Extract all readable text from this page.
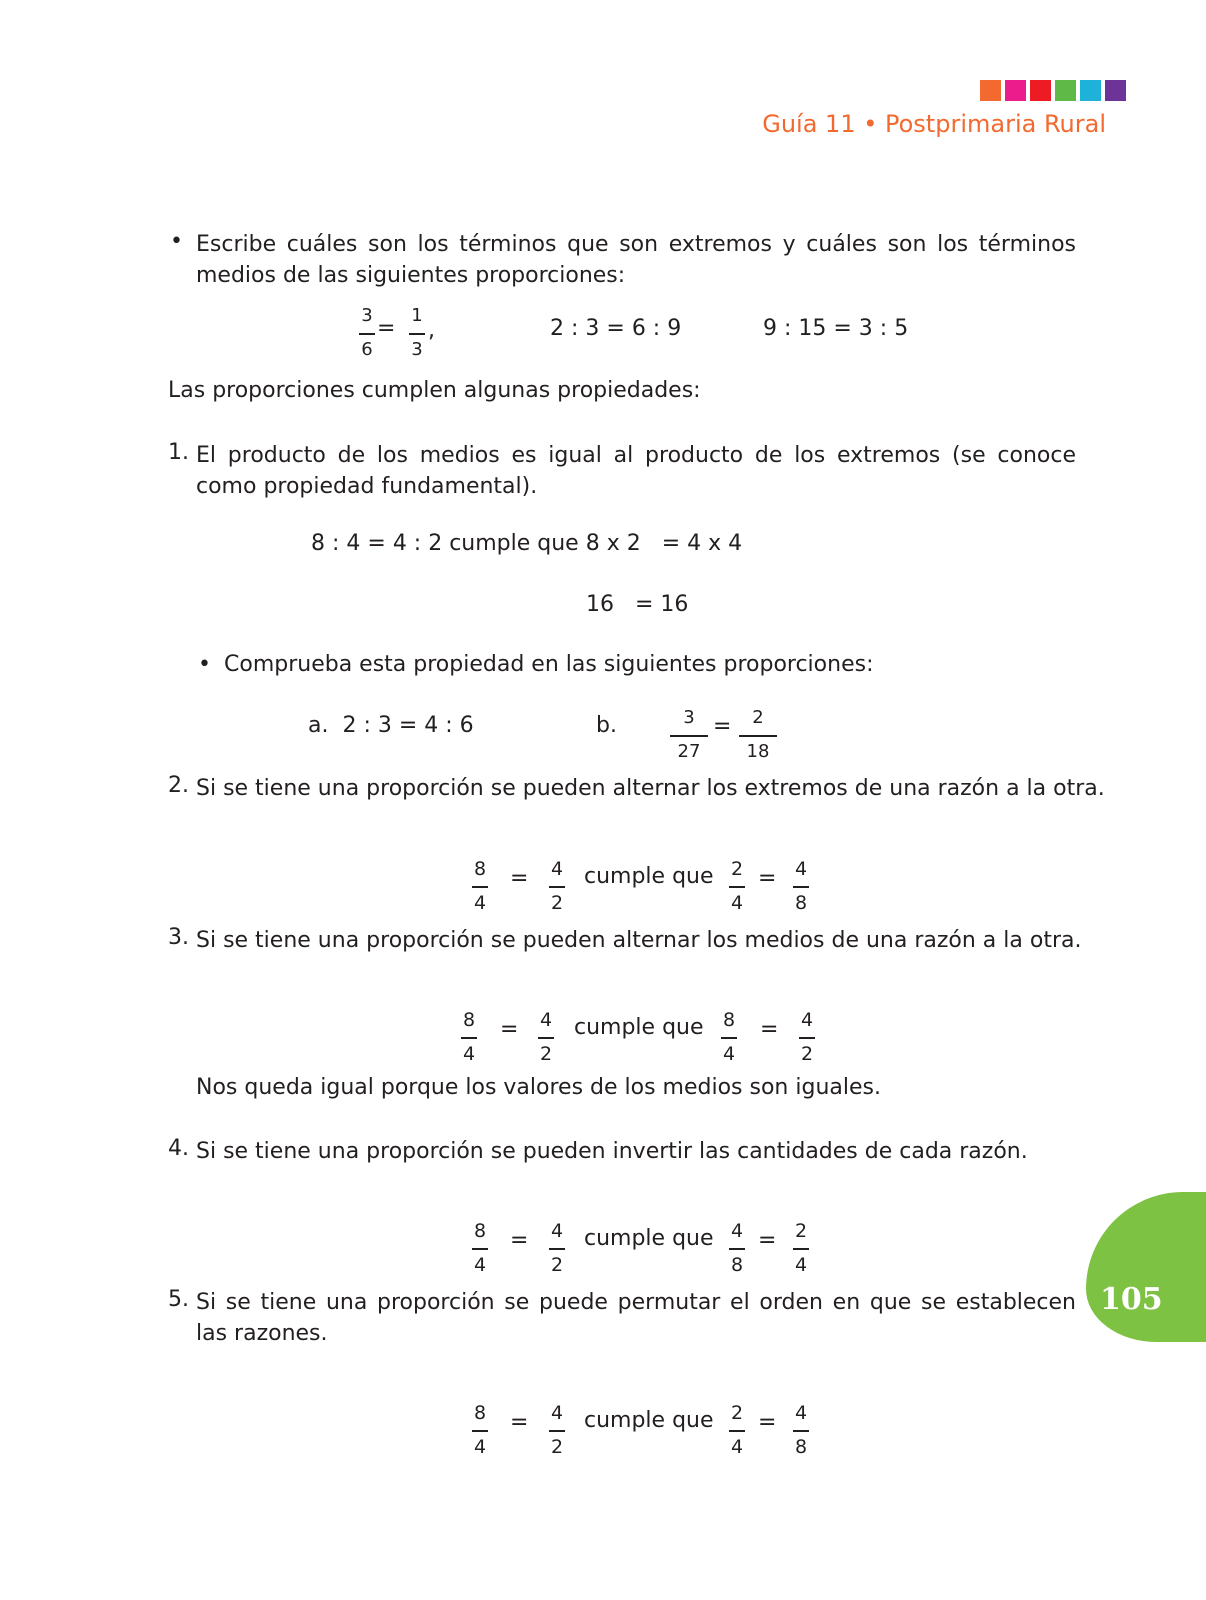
Guía 11 • Postprimaria Rural
• Escribe cuáles son los términos que son extremos y cuáles son los términos medios de las siguientes proporciones:
3
6
=
1
3
,	2 : 3 = 6 : 9	9 : 15 = 3 : 5
Las proporciones cumplen algunas propiedades:
1. El producto de los medios es igual al producto de los extremos (se conoce como propiedad fundamental).
8 : 4 = 4 : 2 cumple que 8 x 2   = 4 x 4
16   = 16
• Comprueba esta propiedad en las siguientes proporciones:
a.  2 : 3 = 4 : 6	b.	3
27
=	2
18
2. Si se tiene una proporción se pueden alternar los extremos de una razón a la otra.
8
4
=	4
2
cumple que 2
4
= 4
8
3. Si se tiene una proporción se pueden alternar los medios de una razón a la otra.
8
4
=	4
2
cumple que	8
4
=	4
2
Nos queda igual porque los valores de los medios son iguales.
4. Si se tiene una proporción se pueden invertir las cantidades de cada razón.
8
4
=	4
2
cumple que 4
8
= 2
4
105
5. Si se tiene una proporción se puede permutar el orden en que se establecen las razones.
8
4
=	4
2
cumple que 2
4
= 4
8
